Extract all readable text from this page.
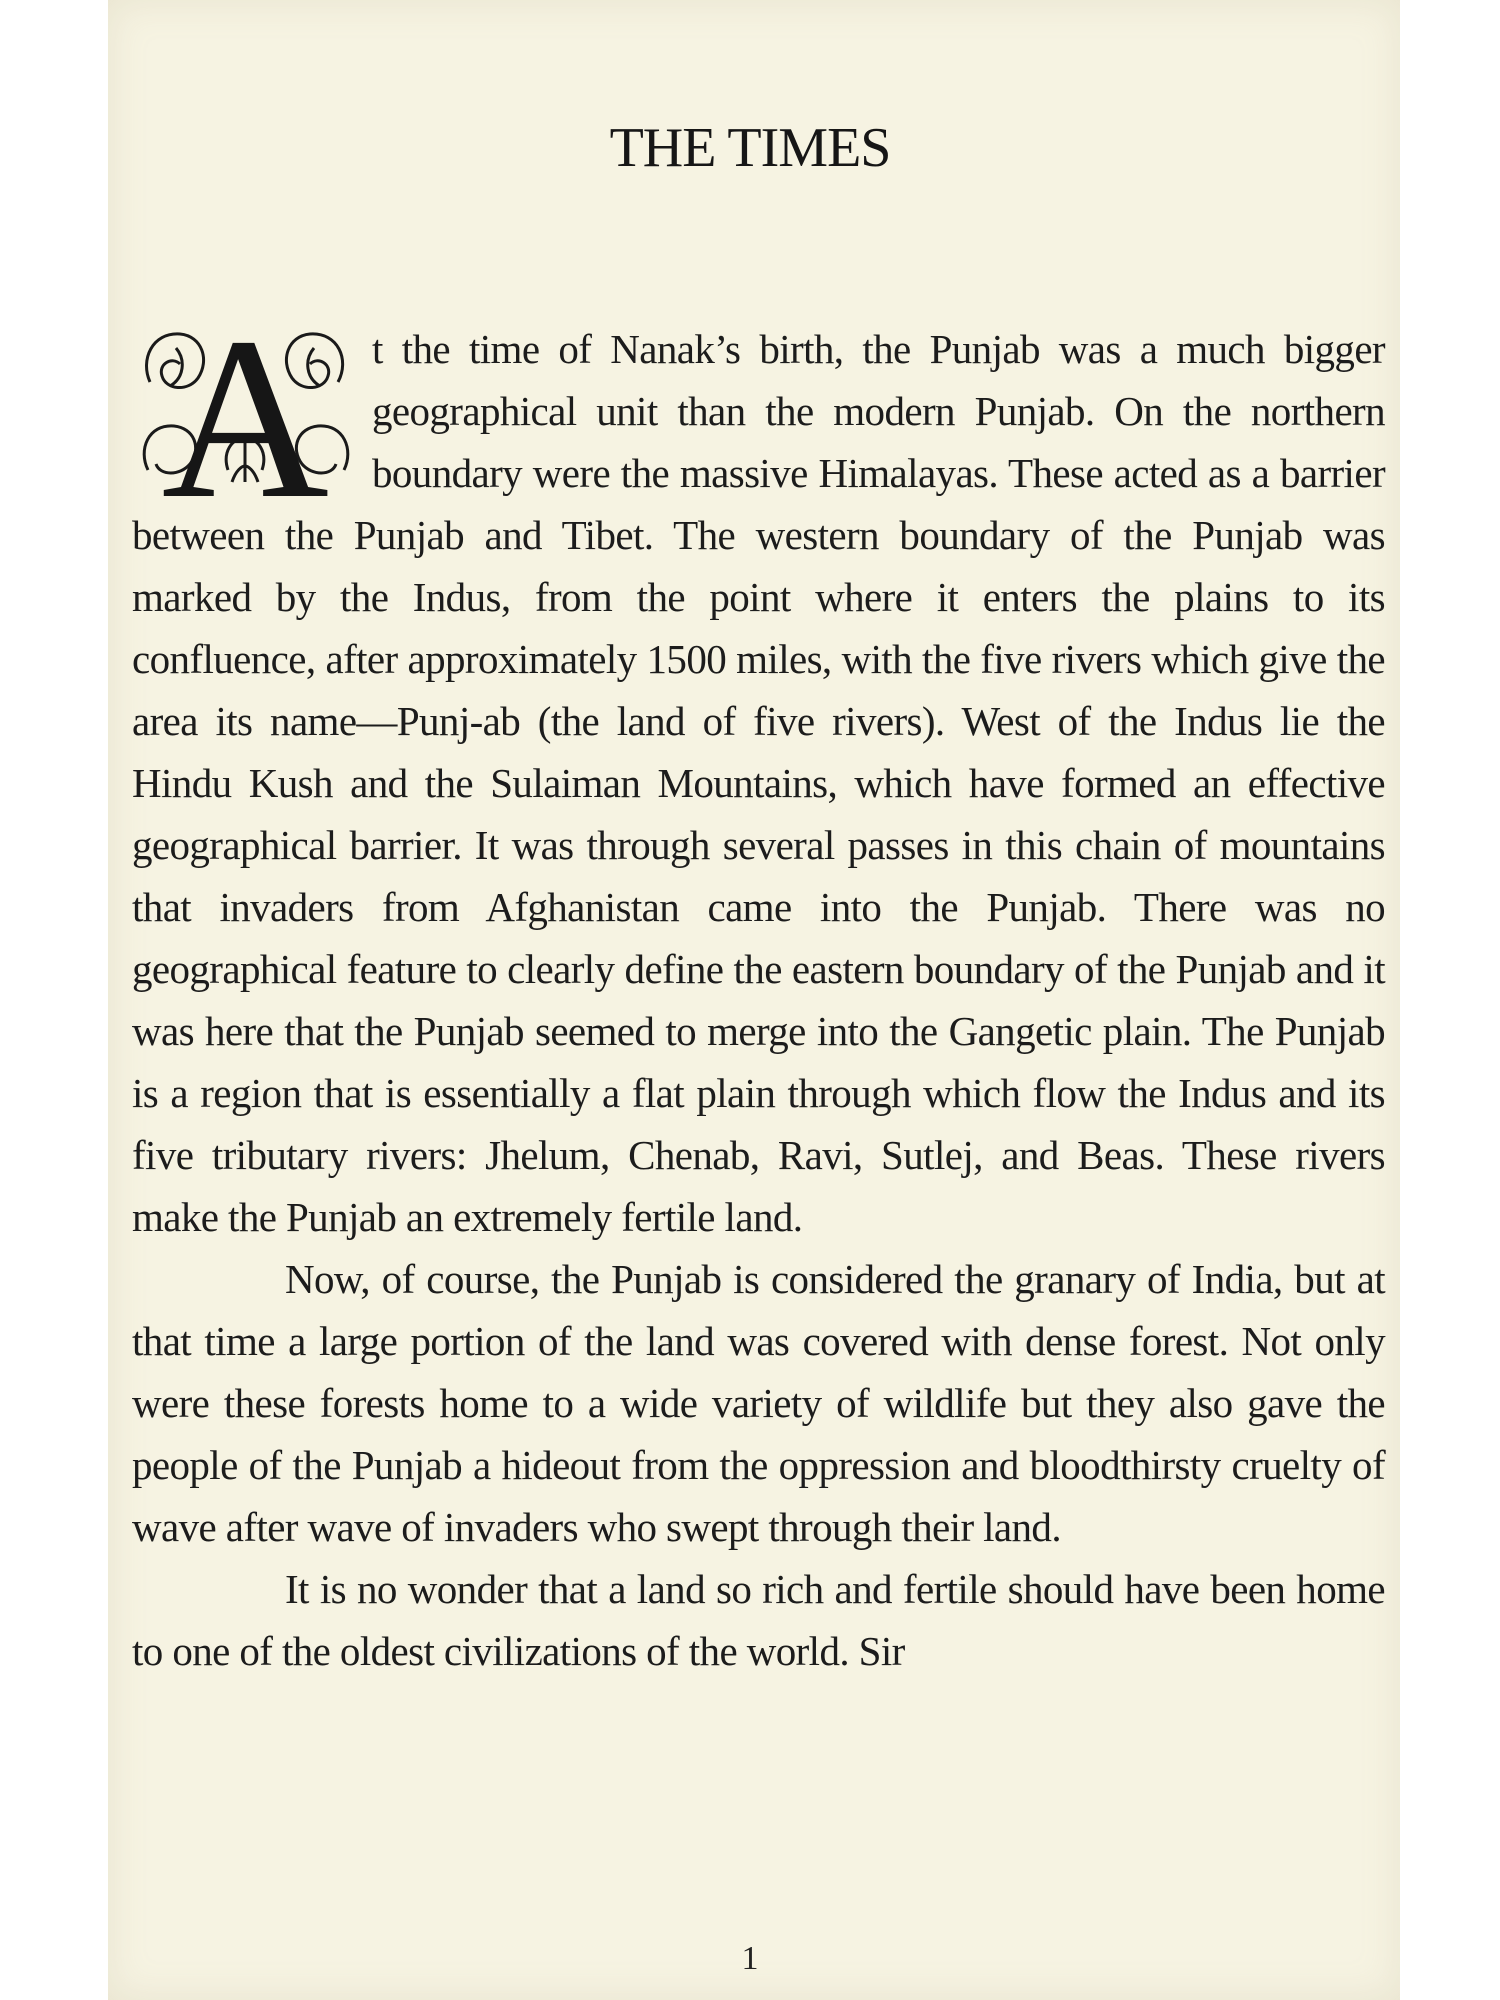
THE TIMES

A t the time of Nanak’s birth, the Punjab was a much bigger geographical unit than the modern Punjab. On the northern boundary were the massive Himalayas. These acted as a barrier between the Punjab and Tibet. The western boundary of the Punjab was marked by the Indus, from the point where it enters the plains to its confluence, after approximately 1500 miles, with the five rivers which give the area its name—Punj-ab (the land of five rivers). West of the Indus lie the Hindu Kush and the Sulaiman Mountains, which have formed an effective geographical barrier. It was through several passes in this chain of mountains that invaders from Afghanistan came into the Punjab. There was no geographical feature to clearly define the eastern boundary of the Punjab and it was here that the Punjab seemed to merge into the Gangetic plain. The Punjab is a region that is essentially a flat plain through which flow the Indus and its five tributary rivers: Jhelum, Chenab, Ravi, Sutlej, and Beas. These rivers make the Punjab an extremely fertile land.

Now, of course, the Punjab is considered the granary of India, but at that time a large portion of the land was covered with dense forest. Not only were these forests home to a wide variety of wildlife but they also gave the people of the Punjab a hideout from the oppression and bloodthirsty cruelty of wave after wave of invaders who swept through their land.

It is no wonder that a land so rich and fertile should have been home to one of the oldest civilizations of the world. Sir

1
